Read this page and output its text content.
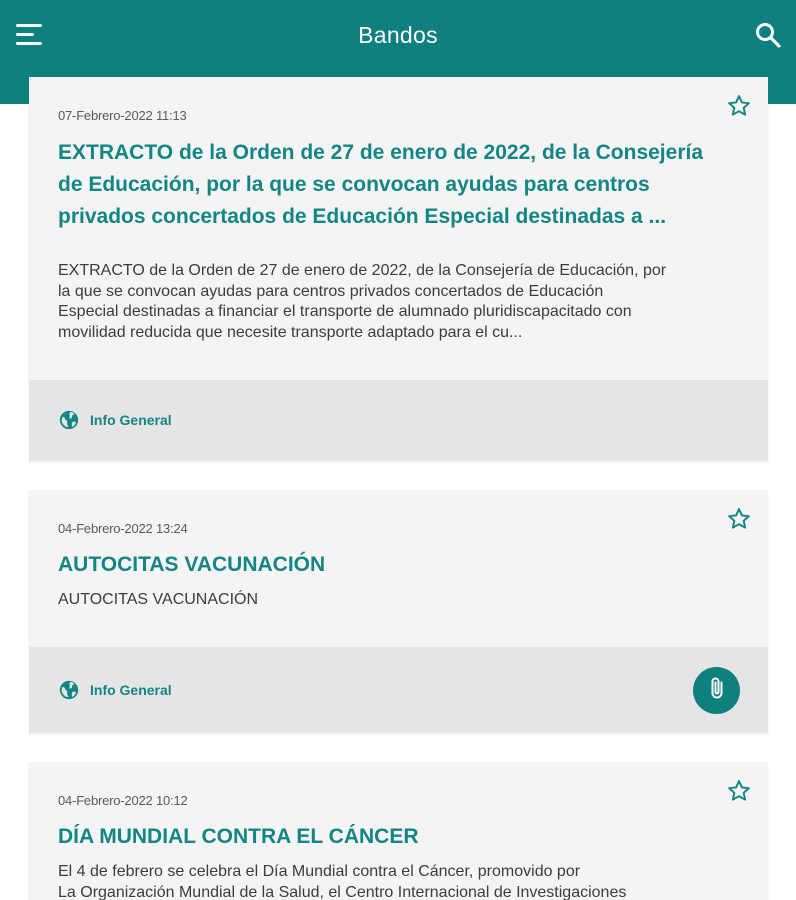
Bandos
07-Febrero-2022 11:13
EXTRACTO de la Orden de 27 de enero de 2022, de la Consejería
de Educación, por la que se convocan ayudas para centros
privados concertados de Educación Especial destinadas a ...
EXTRACTO de la Orden de 27 de enero de 2022, de la Consejería de Educación, por
la que se convocan ayudas para centros privados concertados de Educación
Especial destinadas a financiar el transporte de alumnado pluridiscapacitado con
movilidad reducida que necesite transporte adaptado para el cu...
Info General
04-Febrero-2022 13:24
AUTOCITAS VACUNACIÓN
AUTOCITAS VACUNACIÓN
Info General
04-Febrero-2022 10:12
DÍA MUNDIAL CONTRA EL CÁNCER
El 4 de febrero se celebra el Día Mundial contra el Cáncer, promovido por
La Organización Mundial de la Salud, el Centro Internacional de Investigaciones
